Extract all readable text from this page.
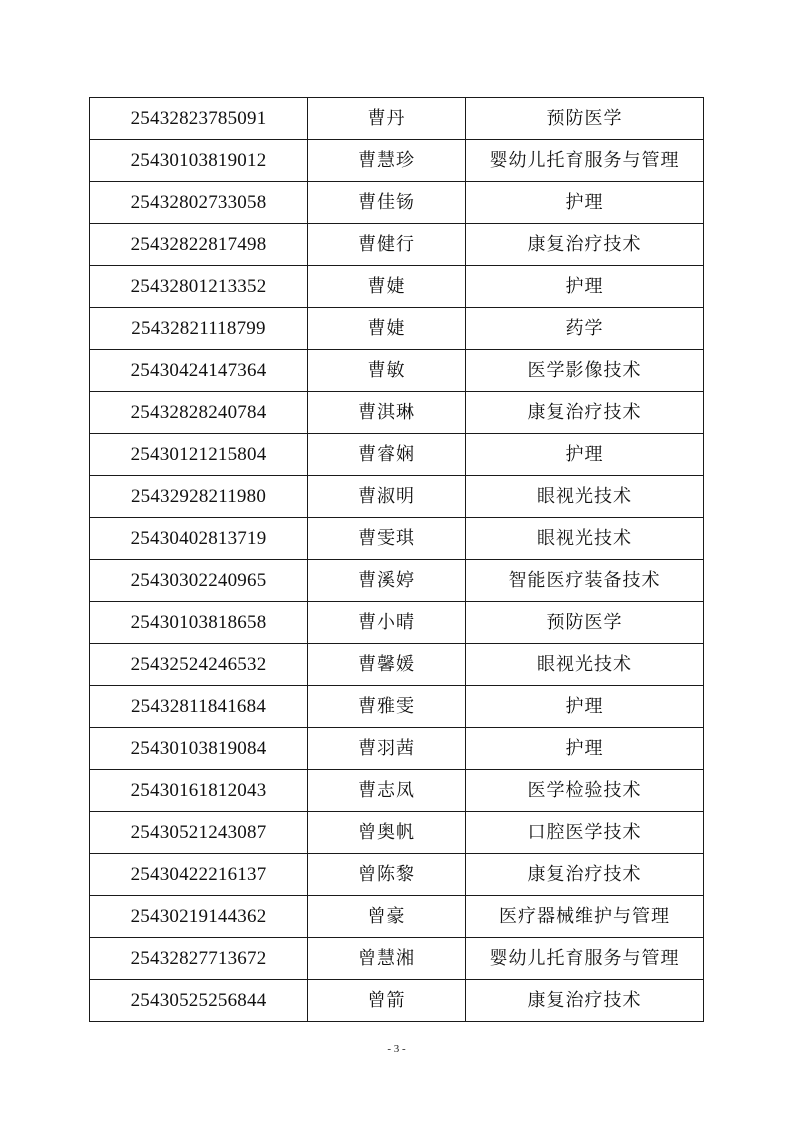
25432823785091	曹丹	预防医学
25430103819012	曹慧珍	婴幼儿托育服务与管理
25432802733058	曹佳钖	护理
25432822817498	曹健行	康复治疗技术
25432801213352	曹婕	护理
25432821118799	曹婕	药学
25430424147364	曹敏	医学影像技术
25432828240784	曹淇琳	康复治疗技术
25430121215804	曹睿娴	护理
25432928211980	曹淑明	眼视光技术
25430402813719	曹雯琪	眼视光技术
25430302240965	曹溪婷	智能医疗装备技术
25430103818658	曹小晴	预防医学
25432524246532	曹馨媛	眼视光技术
25432811841684	曹雅雯	护理
25430103819084	曹羽茜	护理
25430161812043	曹志凤	医学检验技术
25430521243087	曾奥帆	口腔医学技术
25430422216137	曾陈黎	康复治疗技术
25430219144362	曾豪	医疗器械维护与管理
25432827713672	曾慧湘	婴幼儿托育服务与管理
25430525256844	曾箭	康复治疗技术
- 3 -
